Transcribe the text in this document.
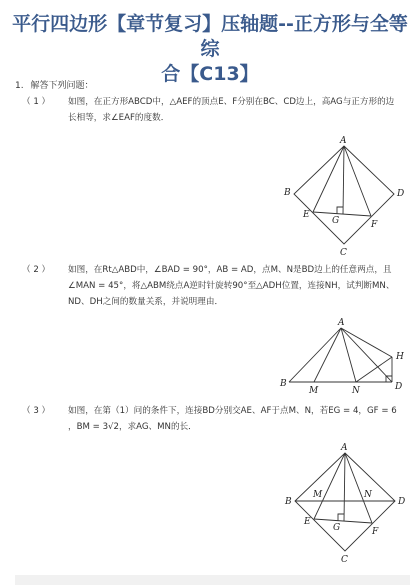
平行四边形【章节复习】压轴题--正方形与全等综
合【C13】
1. 解答下列问题：
（ 1 ） 如图，在正方形ABCD中，△AEF的顶点E、F分别在BC、CD边上，高AG与正方形的边
长相等，求∠EAF的度数．
A
B	D
C
E
G	F
（ 2 ） 如图，在Rt△ABD中，∠BAD = 90°，AB = AD，点M、N是BD边上的任意两点，且
∠MAN = 45°，将△ABM绕点A逆时针旋转90°至△ADH位置，连接NH，试判断MN、
ND、DH之间的数量关系，并说明理由．
A
B
M	N	D
H
（ 3 ） 如图，在第（1）问的条件下，连接BD分别交AE、AF于点M、N，若EG = 4，GF = 6
，BM = 3√2，求AG、MN的长．
A
B	D
M	N
E
G	F
C
